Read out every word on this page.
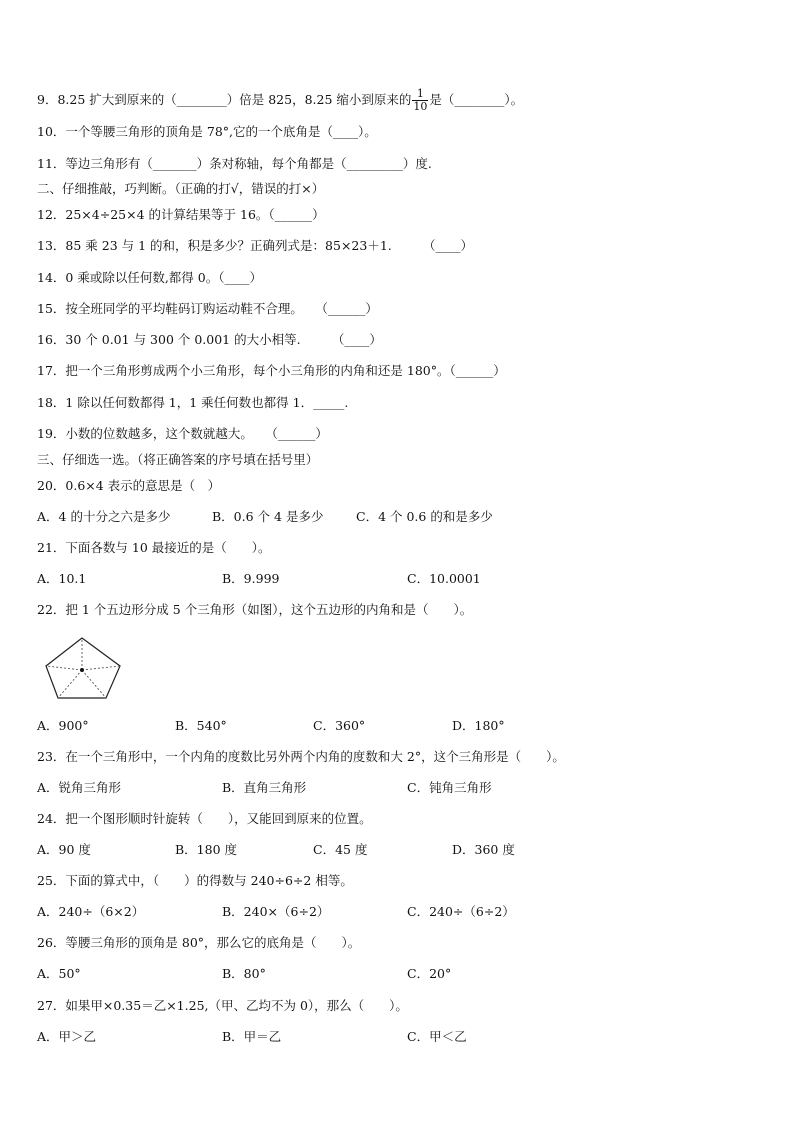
9．8.25 扩大到原来的（________）倍是 825，8.25 缩小到原来的 $\frac{1}{10}$ 是（________）。
10．一个等腰三角形的顶角是 78°,它的一个底角是（____）。
11．等边三角形有（_______）条对称轴，每个角都是（_________）度.
二、仔细推敲，巧判断。（正确的打√，错误的打×）
12．25×4÷25×4 的计算结果等于 16。（______）
13．85 乘 23 与 1 的和，积是多少？正确列式是：85×23＋1.　　　（____）
14．0 乘或除以任何数,都得 0。（____）
15．按全班同学的平均鞋码订购运动鞋不合理。　　（______）
16．30 个 0.01 与 300 个 0.001 的大小相等.　　　（____）
17．把一个三角形剪成两个小三角形，每个小三角形的内角和还是 180°。（______）
18．1 除以任何数都得 1，1 乘任何数也都得 1．_____.
19．小数的位数越多，这个数就越大。　　（______）
三、仔细选一选。（将正确答案的序号填在括号里）
20．0.6×4 表示的意思是（　）
A．4 的十分之六是多少	B．0.6 个 4 是多少	C．4 个 0.6 的和是多少
21．下面各数与 10 最接近的是（　　）。
A．10.1	B．9.999	C．10.0001
22．把 1 个五边形分成 5 个三角形（如图），这个五边形的内角和是（　　）。
A．900°	B．540°	C．360°	D．180°
23．在一个三角形中，一个内角的度数比另外两个内角的度数和大 2°，这个三角形是（　　）。
A．锐角三角形	B．直角三角形	C．钝角三角形
24．把一个图形顺时针旋转（　　），又能回到原来的位置。
A．90 度	B．180 度	C．45 度	D．360 度
25．下面的算式中，（　　）的得数与 240÷6÷2 相等。
A．240÷（6×2）	B．240×（6÷2）	C．240÷（6÷2）
26．等腰三角形的顶角是 80°，那么它的底角是（　　）。
A．50°	B．80°	C．20°
27．如果甲×0.35＝乙×1.25,（甲、乙均不为 0），那么（　　）。
A．甲＞乙	B．甲＝乙	C．甲＜乙
